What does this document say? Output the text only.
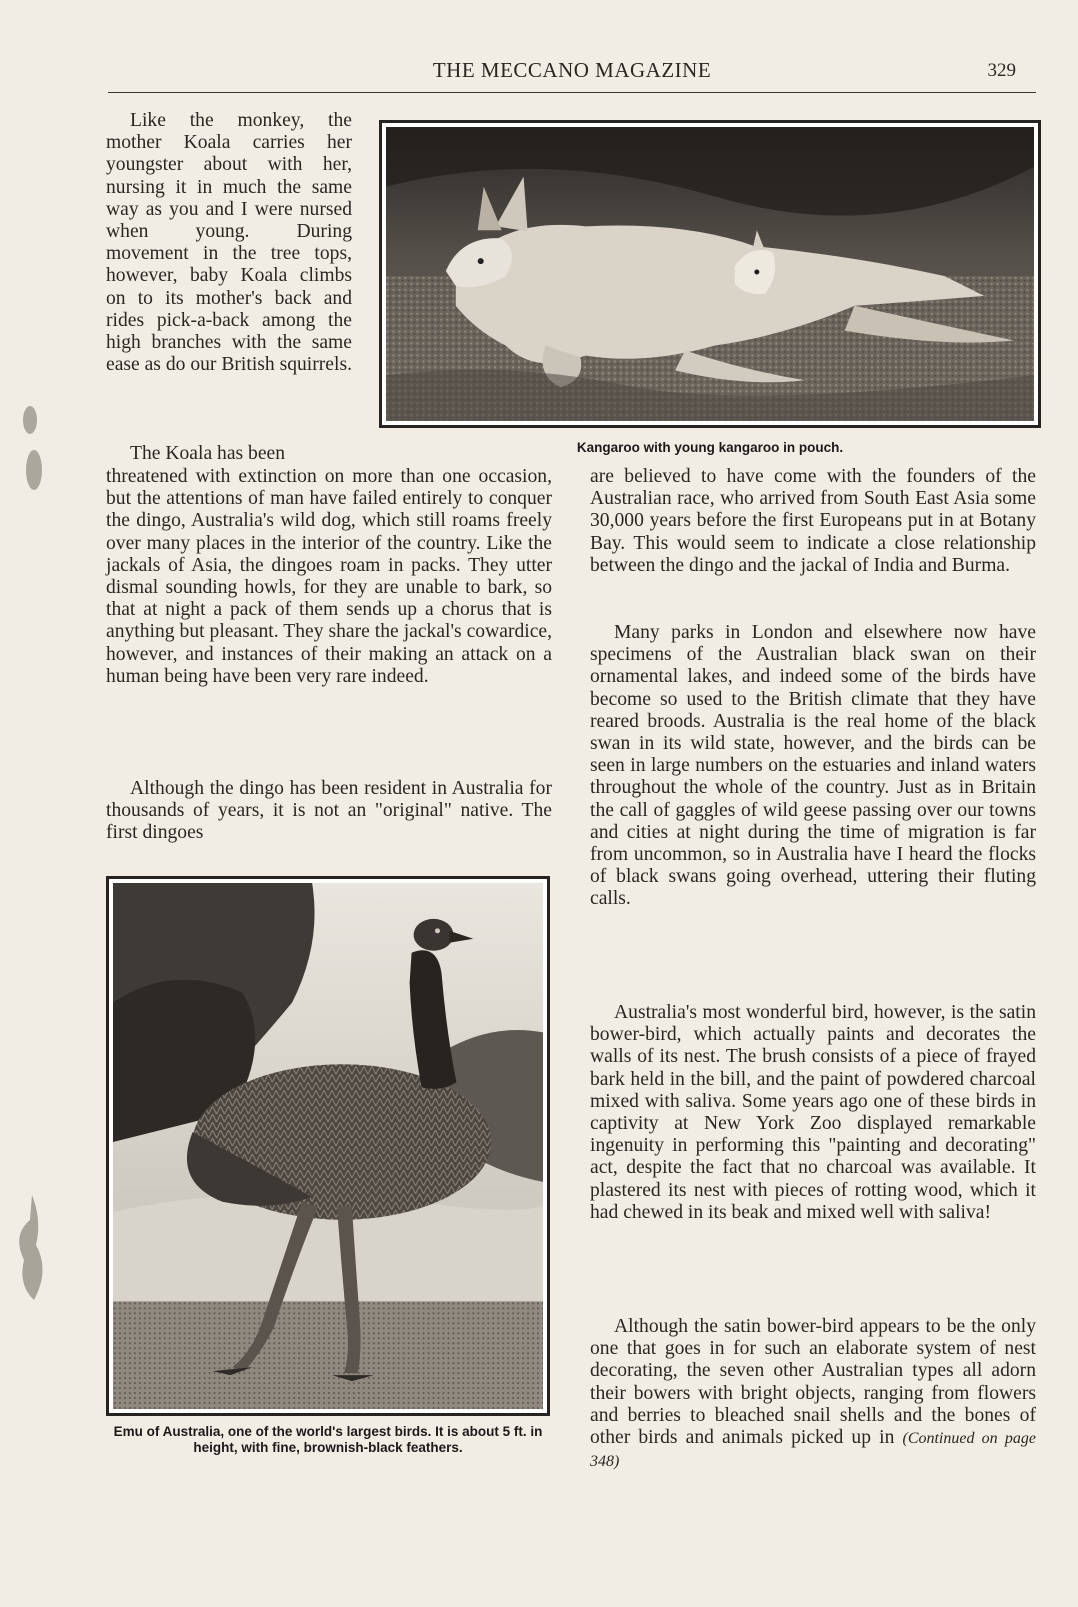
THE MECCANO MAGAZINE	329
Kangaroo with young kangaroo in pouch.
Emu of Australia, one of the world's largest birds. It is about 5 ft. in height, with fine, brownish-black feathers.
Like the monkey, the mother Koala carries her youngster about with her, nursing it in much the same way as you and I were nursed when young. During movement in the tree tops, however, baby Koala climbs on to its mother's back and rides pick-a-back among the high branches with the same ease as do our British squirrels.
The Koala has been
threatened with extinction on more than one occasion, but the attentions of man have failed entirely to conquer the dingo, Australia's wild dog, which still roams freely over many places in the interior of the country. Like the jackals of Asia, the dingoes roam in packs. They utter dismal sounding howls, for they are unable to bark, so that at night a pack of them sends up a chorus that is anything but pleasant. They share the jackal's cowardice, however, and instances of their making an attack on a human being have been very rare indeed.
Although the dingo has been resident in Australia for thousands of years, it is not an "original" native. The first dingoes
are believed to have come with the founders of the Australian race, who arrived from South East Asia some 30,000 years before the first Europeans put in at Botany Bay. This would seem to indicate a close relationship between the dingo and the jackal of India and Burma.
Many parks in London and elsewhere now have specimens of the Australian black swan on their ornamental lakes, and indeed some of the birds have become so used to the British climate that they have reared broods. Australia is the real home of the black swan in its wild state, however, and the birds can be seen in large numbers on the estuaries and inland waters throughout the whole of the country. Just as in Britain the call of gaggles of wild geese passing over our towns and cities at night during the time of migration is far from uncommon, so in Australia have I heard the flocks of black swans going overhead, uttering their fluting calls.
Australia's most wonderful bird, however, is the satin bower-bird, which actually paints and decorates the walls of its nest. The brush consists of a piece of frayed bark held in the bill, and the paint of powdered charcoal mixed with saliva. Some years ago one of these birds in captivity at New York Zoo displayed remarkable ingenuity in performing this "painting and decorating" act, despite the fact that no charcoal was available. It plastered its nest with pieces of rotting wood, which it had chewed in its beak and mixed well with saliva!
Although the satin bower-bird appears to be the only one that goes in for such an elaborate system of nest decorating, the seven other Australian types all adorn their bowers with bright objects, ranging from flowers and berries to bleached snail shells and the bones of other birds and animals picked up in (Continued on page 348)
